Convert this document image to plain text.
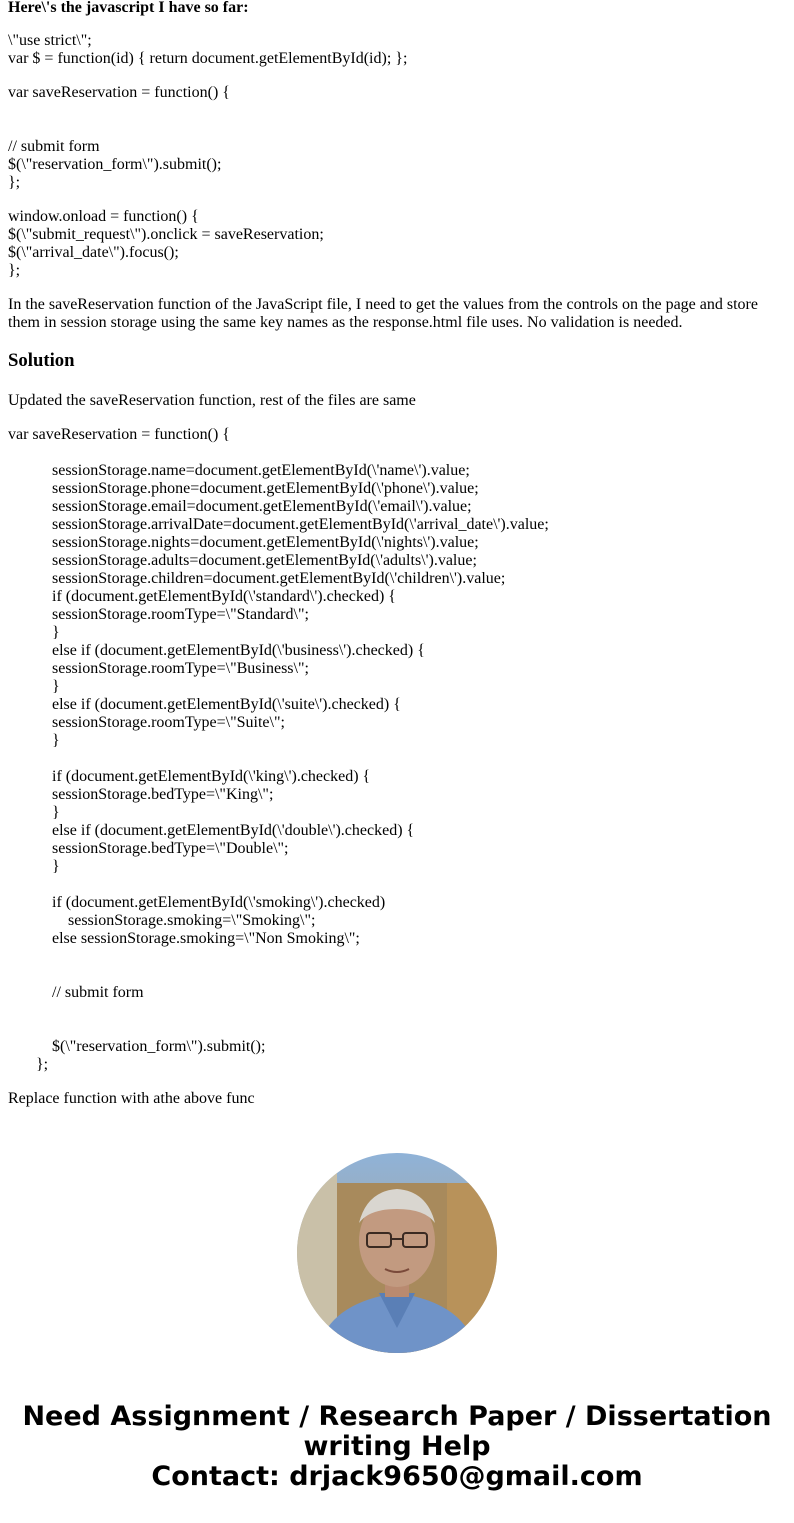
Here\'s the javascript I have so far:
\"use strict\";
var $ = function(id) { return document.getElementById(id); };
var saveReservation = function() {
// submit form
$(\"reservation_form\").submit();
};
window.onload = function() {
$(\"submit_request\").onclick = saveReservation;
$(\"arrival_date\").focus();
};
In the saveReservation function of the JavaScript file, I need to get the values from the controls on the page and store them in session storage using the same key names as the response.html file uses. No validation is needed.
Solution
Updated the saveReservation function, rest of the files are same
var saveReservation = function() {
sessionStorage.name=document.getElementById(\'name\').value;
sessionStorage.phone=document.getElementById(\'phone\').value;
sessionStorage.email=document.getElementById(\'email\').value;
sessionStorage.arrivalDate=document.getElementById(\'arrival_date\').value;
sessionStorage.nights=document.getElementById(\'nights\').value;
sessionStorage.adults=document.getElementById(\'adults\').value;
sessionStorage.children=document.getElementById(\'children\').value;
if (document.getElementById(\'standard\').checked) {
sessionStorage.roomType=\"Standard\";
}
else if (document.getElementById(\'business\').checked) {
sessionStorage.roomType=\"Business\";
}
else if (document.getElementById(\'suite\').checked) {
sessionStorage.roomType=\"Suite\";
}
if (document.getElementById(\'king\').checked) {
sessionStorage.bedType=\"King\";
}
else if (document.getElementById(\'double\').checked) {
sessionStorage.bedType=\"Double\";
}
if (document.getElementById(\'smoking\').checked)
sessionStorage.smoking=\"Smoking\";
else sessionStorage.smoking=\"Non Smoking\";
// submit form
$(\"reservation_form\").submit();
};
Replace function with athe above func
Need Assignment / Research Paper / Dissertation
writing Help
Contact: drjack9650@gmail.com
